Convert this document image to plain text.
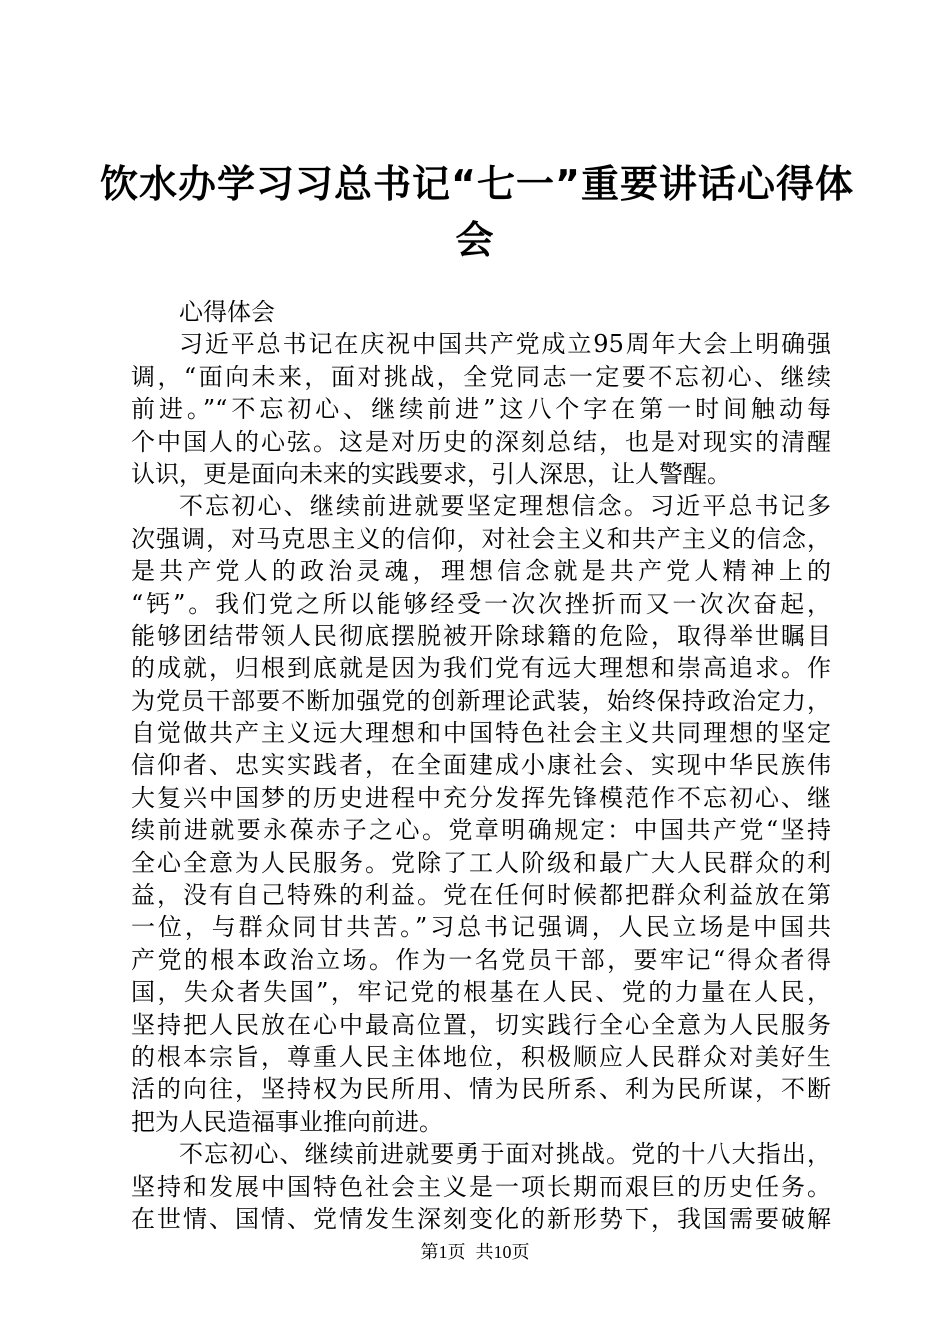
饮水办学习习总书记“七一”重要讲话心得体
会
心得体会
习近平总书记在庆祝中国共产党成立95周年大会上明确强
调，“面向未来，面对挑战，全党同志一定要不忘初心、继续
前进。”“不忘初心、继续前进”这八个字在第一时间触动每
个中国人的心弦。这是对历史的深刻总结，也是对现实的清醒
认识，更是面向未来的实践要求，引人深思，让人警醒。
不忘初心、继续前进就要坚定理想信念。习近平总书记多
次强调，对马克思主义的信仰，对社会主义和共产主义的信念，
是共产党人的政治灵魂，理想信念就是共产党人精神上的
“钙”。我们党之所以能够经受一次次挫折而又一次次奋起，
能够团结带领人民彻底摆脱被开除球籍的危险，取得举世瞩目
的成就，归根到底就是因为我们党有远大理想和崇高追求。作
为党员干部要不断加强党的创新理论武装，始终保持政治定力，
自觉做共产主义远大理想和中国特色社会主义共同理想的坚定
信仰者、忠实实践者，在全面建成小康社会、实现中华民族伟
大复兴中国梦的历史进程中充分发挥先锋模范作不忘初心、继
续前进就要永葆赤子之心。党章明确规定：中国共产党“坚持
全心全意为人民服务。党除了工人阶级和最广大人民群众的利
益，没有自己特殊的利益。党在任何时候都把群众利益放在第
一位，与群众同甘共苦。”习总书记强调，人民立场是中国共
产党的根本政治立场。作为一名党员干部，要牢记“得众者得
国，失众者失国”，牢记党的根基在人民、党的力量在人民，
坚持把人民放在心中最高位置，切实践行全心全意为人民服务
的根本宗旨，尊重人民主体地位，积极顺应人民群众对美好生
活的向往，坚持权为民所用、情为民所系、利为民所谋，不断
把为人民造福事业推向前进。
不忘初心、继续前进就要勇于面对挑战。党的十八大指出，
坚持和发展中国特色社会主义是一项长期而艰巨的历史任务。
在世情、国情、党情发生深刻变化的新形势下，我国需要破解
第1页 共10页
